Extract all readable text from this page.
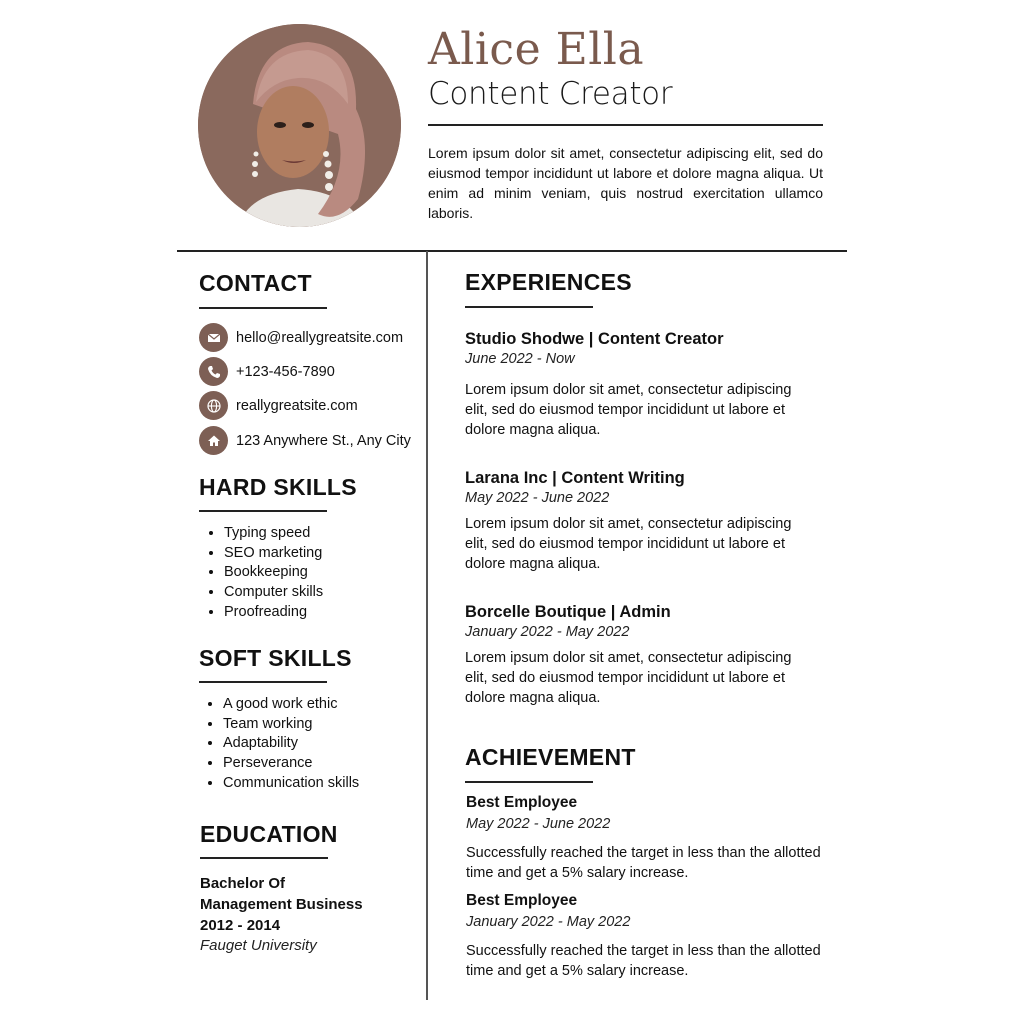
Alice Ella
Content Creator
Lorem ipsum dolor sit amet, consectetur adipiscing elit, sed do eiusmod tempor incididunt ut labore et dolore magna aliqua. Ut enim ad minim veniam, quis nostrud exercitation ullamco laboris.
CONTACT
hello@reallygreatsite.com
+123-456-7890
reallygreatsite.com
123 Anywhere St., Any City
HARD SKILLS
• Typing speed
• SEO marketing
• Bookkeeping
• Computer skills
• Proofreading
SOFT SKILLS
• A good work ethic
• Team working
• Adaptability
• Perseverance
• Communication skills
EDUCATION
Bachelor Of
Management Business
2012 - 2014
Fauget University
EXPERIENCES
Studio Shodwe | Content Creator
June 2022 - Now
Lorem ipsum dolor sit amet, consectetur adipiscing elit, sed do eiusmod tempor incididunt ut labore et dolore magna aliqua.
Larana Inc | Content Writing
May 2022 - June 2022
Lorem ipsum dolor sit amet, consectetur adipiscing elit, sed do eiusmod tempor incididunt ut labore et dolore magna aliqua.
Borcelle Boutique | Admin
January 2022 - May 2022
Lorem ipsum dolor sit amet, consectetur adipiscing elit, sed do eiusmod tempor incididunt ut labore et dolore magna aliqua.
ACHIEVEMENT
Best Employee
May 2022 - June 2022
Successfully reached the target in less than the allotted time and get a 5% salary increase.
Best Employee
January 2022 - May 2022
Successfully reached the target in less than the allotted time and get a 5% salary increase.
